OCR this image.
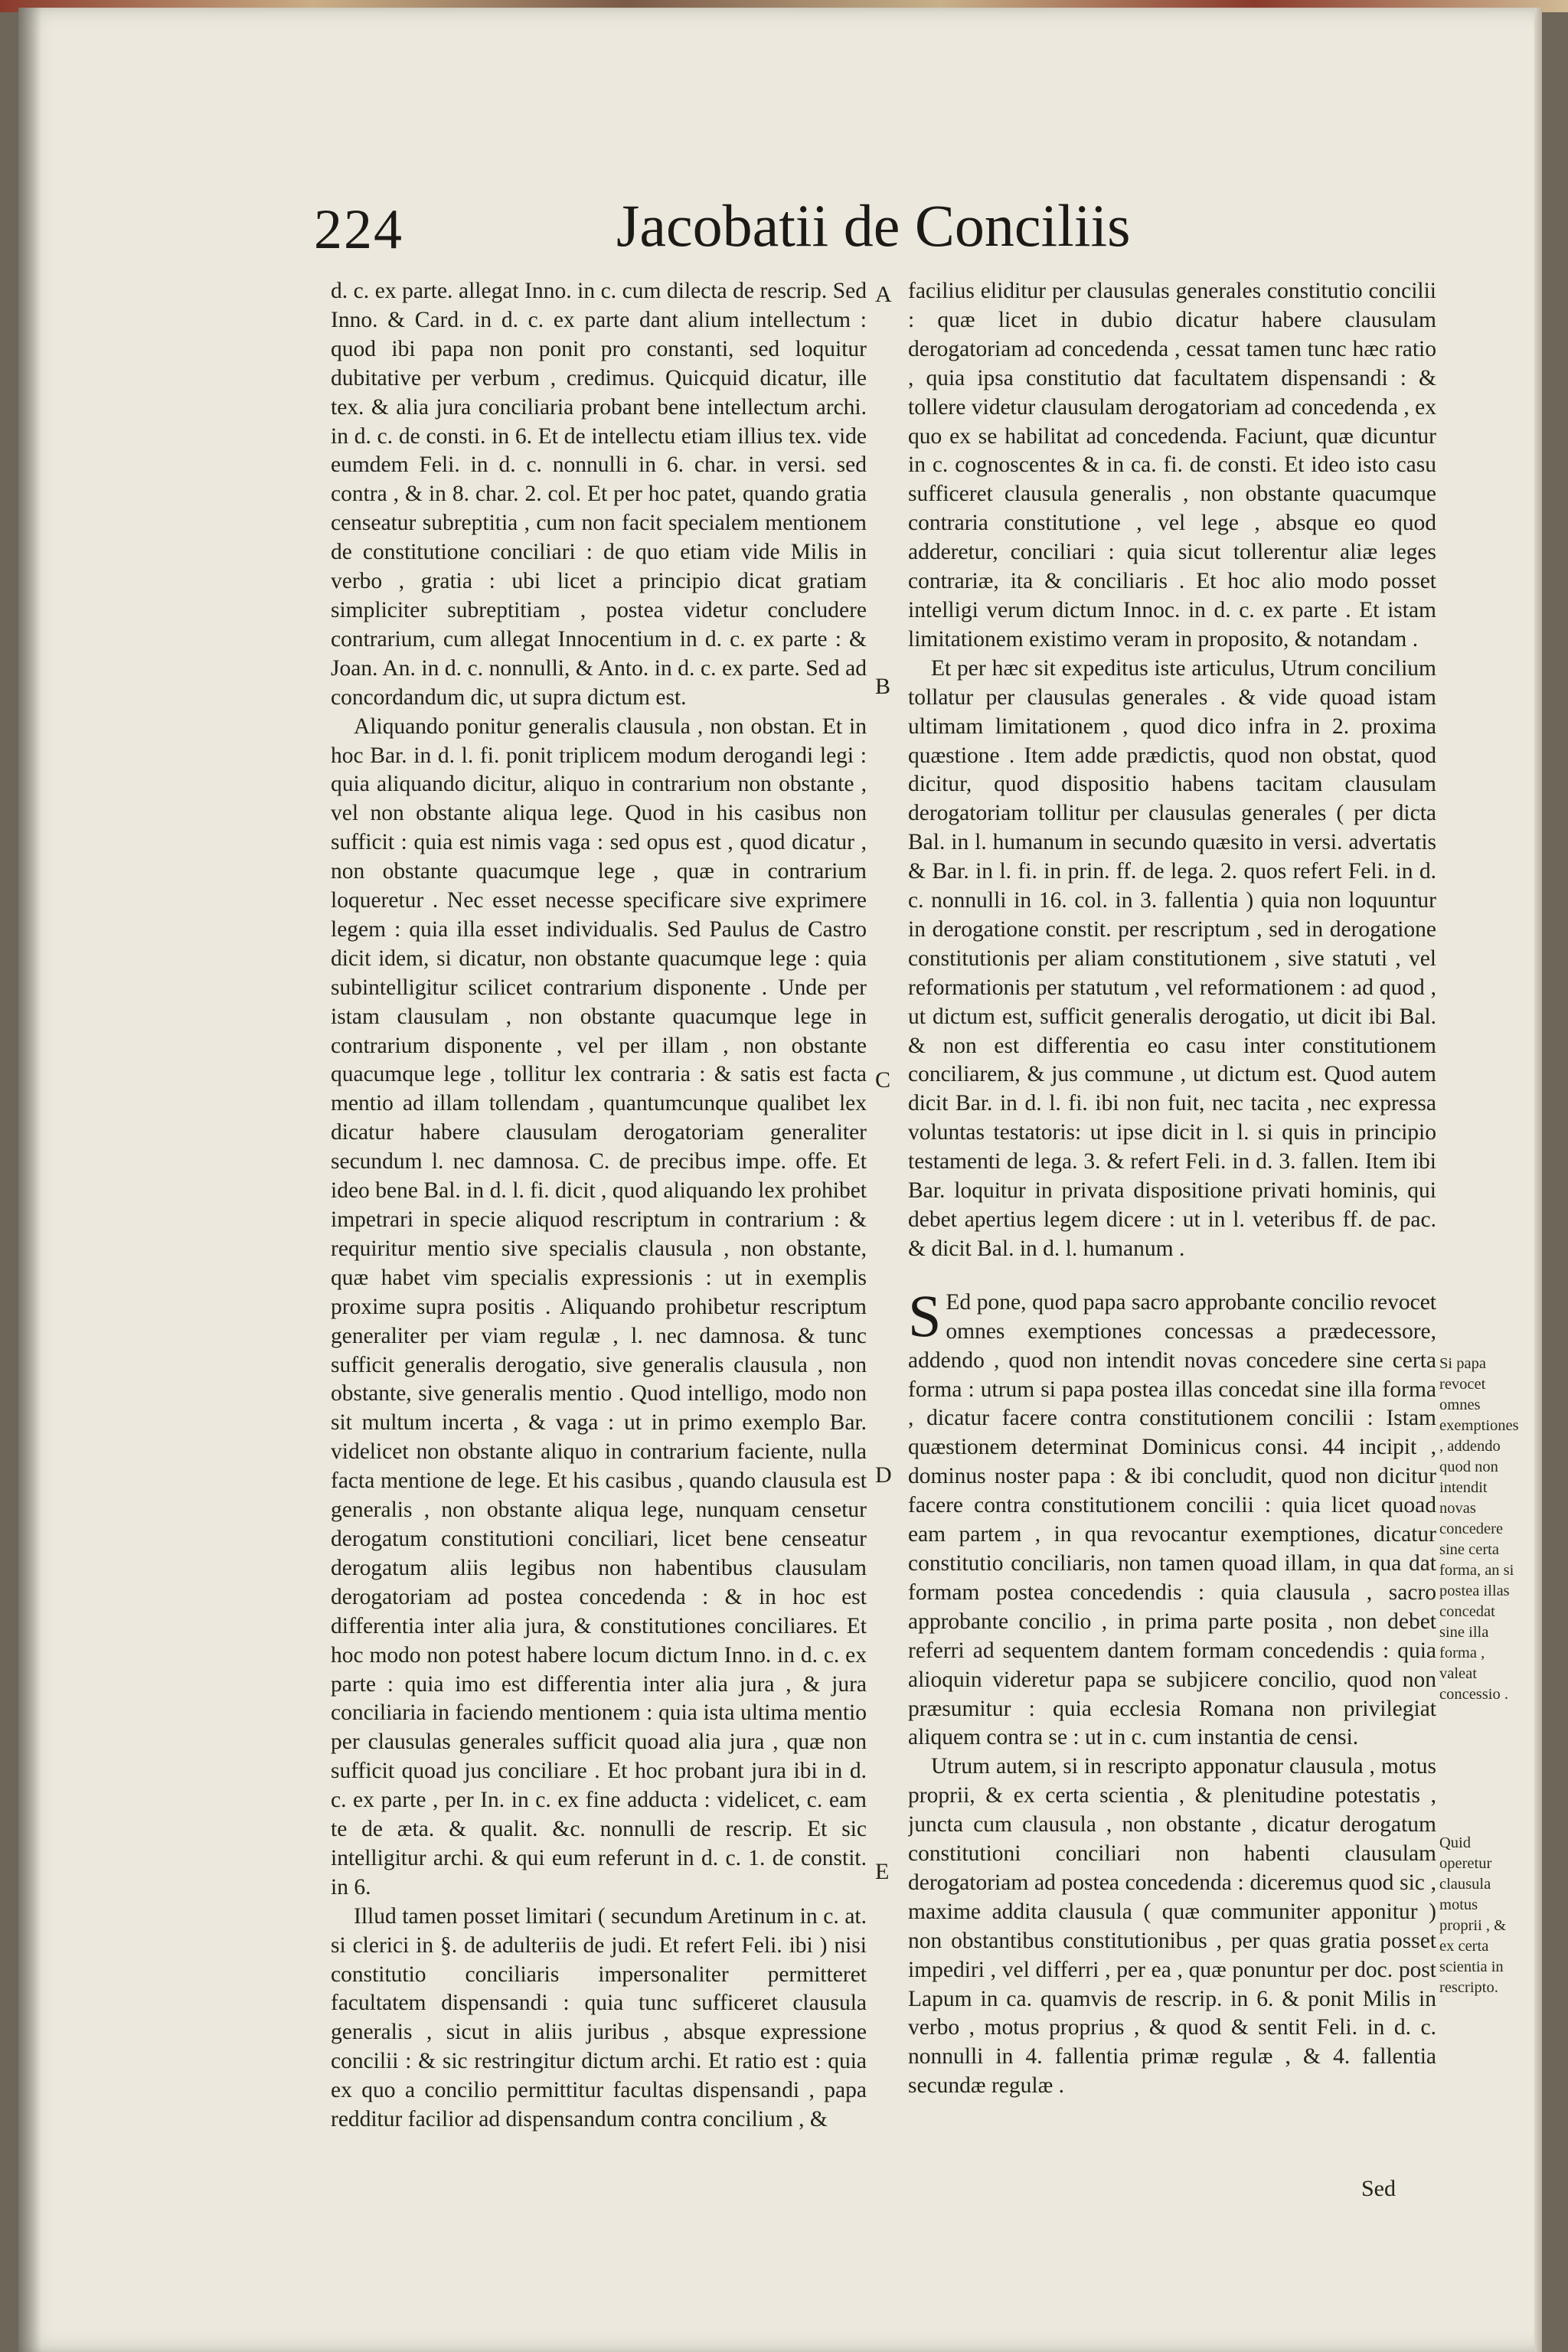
224	Jacobatii de Conciliis

d. c. ex parte. allegat Inno. in c. cum dilecta de rescrip. Sed Inno. & Card. in d. c. ex parte dant alium intellectum : quod ibi papa non ponit pro constanti, sed loquitur dubitative per verbum , credimus. Quicquid dicatur, ille tex. & alia jura conciliaria probant bene intellectum archi. in d. c. de consti. in 6. Et de intellectu etiam illius tex. vide eumdem Feli. in d. c. nonnulli in 6. char. in versi. sed contra , & in 8. char. 2. col. Et per hoc patet, quando gratia censeatur subreptitia , cum non facit specialem mentionem de constitutione conciliari : de quo etiam vide Milis in verbo , gratia : ubi licet a principio dicat gratiam simpliciter subreptitiam , postea videtur concludere contrarium, cum allegat Innocentium in d. c. ex parte : & Joan. An. in d. c. nonnulli, & Anto. in d. c. ex parte. Sed ad concordandum dic, ut supra dictum est.

Aliquando ponitur generalis clausula , non obstan. Et in hoc Bar. in d. l. fi. ponit triplicem modum derogandi legi : quia aliquando dicitur, aliquo in contrarium non obstante , vel non obstante aliqua lege. Quod in his casibus non sufficit : quia est nimis vaga : sed opus est , quod dicatur , non obstante quacumque lege , quæ in contrarium loqueretur . Nec esset necesse specificare sive exprimere legem : quia illa esset individualis. Sed Paulus de Castro dicit idem, si dicatur, non obstante quacumque lege : quia subintelligitur scilicet contrarium disponente . Unde per istam clausulam , non obstante quacumque lege in contrarium disponente , vel per illam , non obstante quacumque lege , tollitur lex contraria : & satis est facta mentio ad illam tollendam , quantumcunque qualibet lex dicatur habere clausulam derogatoriam generaliter secundum l. nec damnosa. C. de precibus impe. offe. Et ideo bene Bal. in d. l. fi. dicit , quod aliquando lex prohibet impetrari in specie aliquod rescriptum in contrarium : & requiritur mentio sive specialis clausula , non obstante, quæ habet vim specialis expressionis : ut in exemplis proxime supra positis . Aliquando prohibetur rescriptum generaliter per viam regulæ , l. nec damnosa. & tunc sufficit generalis derogatio, sive generalis clausula , non obstante, sive generalis mentio . Quod intelligo, modo non sit multum incerta , & vaga : ut in primo exemplo Bar. videlicet non obstante aliquo in contrarium faciente, nulla facta mentione de lege. Et his casibus , quando clausula est generalis , non obstante aliqua lege, nunquam censetur derogatum constitutioni conciliari, licet bene censeatur derogatum aliis legibus non habentibus clausulam derogatoriam ad postea concedenda : & in hoc est differentia inter alia jura, & constitutiones conciliares. Et hoc modo non potest habere locum dictum Inno. in d. c. ex parte : quia imo est differentia inter alia jura , & jura conciliaria in faciendo mentionem : quia ista ultima mentio per clausulas generales sufficit quoad alia jura , quæ non sufficit quoad jus conciliare . Et hoc probant jura ibi in d. c. ex parte , per In. in c. ex fine adducta : videlicet, c. eam te de æta. & qualit. &c. nonnulli de rescrip. Et sic intelligitur archi. & qui eum referunt in d. c. 1. de constit. in 6.

Illud tamen posset limitari ( secundum Aretinum in c. at. si clerici in §. de adulteriis de judi. Et refert Feli. ibi ) nisi constitutio conciliaris impersonaliter permitteret facultatem dispensandi : quia tunc sufficeret clausula generalis , sicut in aliis juribus , absque expressione concilii : & sic restringitur dictum archi. Et ratio est : quia ex quo a concilio permittitur facultas dispensandi , papa redditur facilior ad dispensandum contra concilium , &

A
B
C
D
E

facilius eliditur per clausulas generales constitutio concilii : quæ licet in dubio dicatur habere clausulam derogatoriam ad concedenda , cessat tamen tunc hæc ratio , quia ipsa constitutio dat facultatem dispensandi : & tollere videtur clausulam derogatoriam ad concedenda , ex quo ex se habilitat ad concedenda. Faciunt, quæ dicuntur in c. cognoscentes & in ca. fi. de consti. Et ideo isto casu sufficeret clausula generalis , non obstante quacumque contraria constitutione , vel lege , absque eo quod adderetur, conciliari : quia sicut tollerentur aliæ leges contrariæ, ita & conciliaris . Et hoc alio modo posset intelligi verum dictum Innoc. in d. c. ex parte . Et istam limitationem existimo veram in proposito, & notandam .

Et per hæc sit expeditus iste articulus, Utrum concilium tollatur per clausulas generales . & vide quoad istam ultimam limitationem , quod dico infra in 2. proxima quæstione . Item adde prædictis, quod non obstat, quod dicitur, quod dispositio habens tacitam clausulam derogatoriam tollitur per clausulas generales ( per dicta Bal. in l. humanum in secundo quæsito in versi. advertatis & Bar. in l. fi. in prin. ff. de lega. 2. quos refert Feli. in d. c. nonnulli in 16. col. in 3. fallentia ) quia non loquuntur in derogatione constit. per rescriptum , sed in derogatione constitutionis per aliam constitutionem , sive statuti , vel reformationis per statutum , vel reformationem : ad quod , ut dictum est, sufficit generalis derogatio, ut dicit ibi Bal. & non est differentia eo casu inter constitutionem conciliarem, & jus commune , ut dictum est. Quod autem dicit Bar. in d. l. fi. ibi non fuit, nec tacita , nec expressa voluntas testatoris: ut ipse dicit in l. si quis in principio testamenti de lega. 3. & refert Feli. in d. 3. fallen. Item ibi Bar. loquitur in privata dispositione privati hominis, qui debet apertius legem dicere : ut in l. veteribus ff. de pac. & dicit Bal. in d. l. humanum .

S Ed pone, quod papa sacro approbante concilio revocet omnes exemptiones concessas a prædecessore, addendo , quod non intendit novas concedere sine certa forma : utrum si papa postea illas concedat sine illa forma , dicatur facere contra constitutionem concilii : Istam quæstionem determinat Dominicus consi. 44 incipit , dominus noster papa : & ibi concludit, quod non dicitur facere contra constitutionem concilii : quia licet quoad eam partem , in qua revocantur exemptiones, dicatur constitutio conciliaris, non tamen quoad illam, in qua dat formam postea concedendis : quia clausula , sacro approbante concilio , in prima parte posita , non debet referri ad sequentem dantem formam concedendis : quia alioquin videretur papa se subjicere concilio, quod non præsumitur : quia ecclesia Romana non privilegiat aliquem contra se : ut in c. cum instantia de censi.

Utrum autem, si in rescripto apponatur clausula , motus proprii, & ex certa scientia , & plenitudine potestatis , juncta cum clausula , non obstante , dicatur derogatum constitutioni conciliari non habenti clausulam derogatoriam ad postea concedenda : diceremus quod sic , maxime addita clausula ( quæ communiter apponitur ) non obstantibus constitutionibus , per quas gratia posset impediri , vel differri , per ea , quæ ponuntur per doc. post Lapum in ca. quamvis de rescrip. in 6. & ponit Milis in verbo , motus proprius , & quod & sentit Feli. in d. c. nonnulli in 4. fallentia primæ regulæ , & 4. fallentia secundæ regulæ .

Si papa revocet omnes exemptiones , addendo quod non intendit novas concedere sine certa forma, an si postea illas concedat sine illa forma , valeat concessio .
Quid operetur clausula motus proprii , & ex certa scientia in rescripto.
Sed
